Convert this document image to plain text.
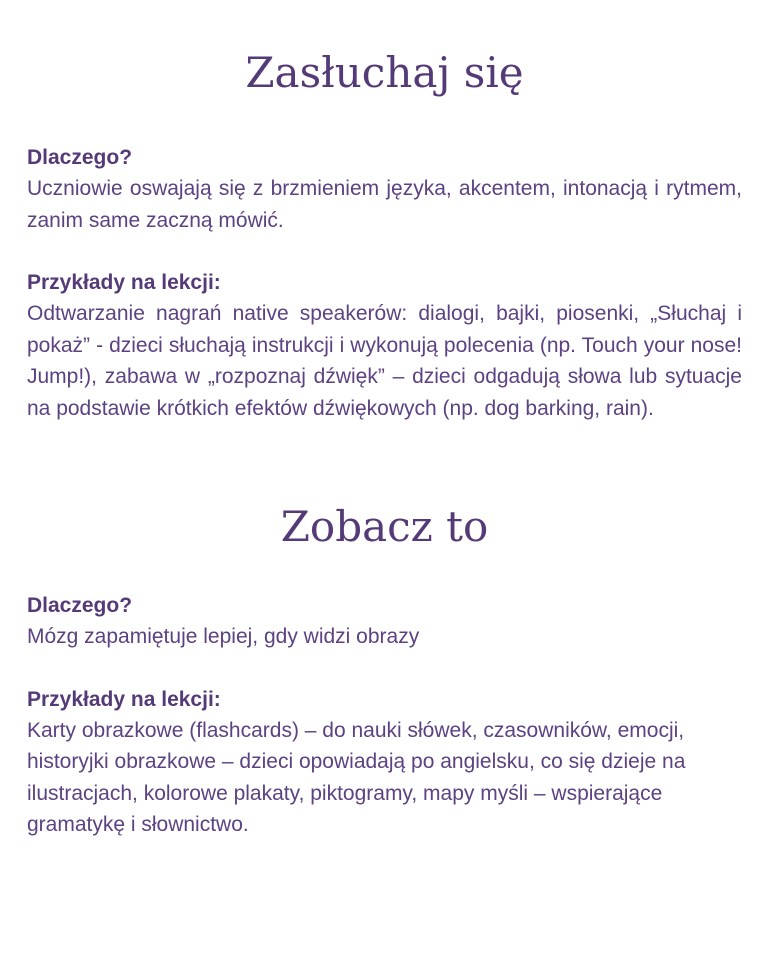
Zasłuchaj się

Dlaczego?

Uczniowie oswajają się z brzmieniem języka, akcentem, intonacją i rytmem, zanim same zaczną mówić.

Przykłady na lekcji:

Odtwarzanie nagrań native speakerów: dialogi, bajki, piosenki, „Słuchaj i pokaż” - dzieci słuchają instrukcji i wykonują polecenia (np. Touch your nose! Jump!), zabawa w „rozpoznaj dźwięk” – dzieci odgadują słowa lub sytuacje na podstawie krótkich efektów dźwiękowych (np. dog barking, rain).

Zobacz to

Dlaczego?

Mózg zapamiętuje lepiej, gdy widzi obrazy

Przykłady na lekcji:

Karty obrazkowe (flashcards) – do nauki słówek, czasowników, emocji, historyjki obrazkowe – dzieci opowiadają po angielsku, co się dzieje na ilustracjach, kolorowe plakaty, piktogramy, mapy myśli – wspierające gramatykę i słownictwo.
